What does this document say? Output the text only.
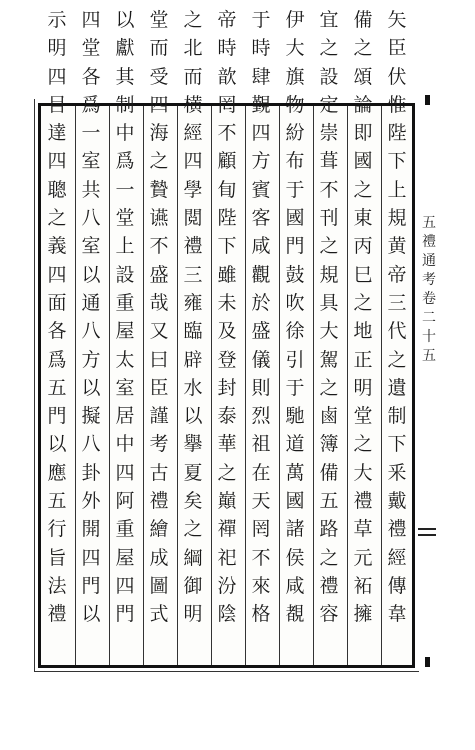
五
禮
通
考
卷
二
十
五
矢
臣
伏
惟
陛
下
上
規
黄
帝
三
代
之
遺
制
下
釆
戴
禮
經
傳
韋
備
之
頌
論
即
國
之
東
丙
巳
之
地
正
明
堂
之
大
禮
草
元
袥
擁
宜
之
設
定
崇
葺
不
刊
之
規
具
大
駕
之
鹵
簿
備
五
路
之
禮
容
伊
大
旗
物
紛
布
于
國
門
鼓
吹
徐
引
于
馳
道
萬
國
諸
侯
咸
覩
于
時
肆
覲
四
方
賓
客
咸
觀
於
盛
儀
則
烈
祖
在
天
罔
不
來
格
帝
時
歆
罔
不
顧
䀏
陛
下
雖
未
及
登
封
泰
華
之
巔
禪
祀
汾
陰
之
北
而
横
經
四
學
閲
禮
三
雍
臨
辟
水
以
擧
夏
矣
之
綱
御
明
堂
而
受
四
海
之
贄
䜩
不
盛
哉
又
曰
臣
謹
考
古
禮
繪
成
圖
式
以
獻
其
制
中
爲
一
堂
上
設
重
屋
太
室
居
中
四
阿
重
屋
四
門
四
堂
各
爲
一
室
共
八
室
以
通
八
方
以
擬
八
卦
外
開
四
門
以
示
明
四
目
達
四
聰
之
義
四
面
各
爲
五
門
以
應
五
行
旨
法
禮
